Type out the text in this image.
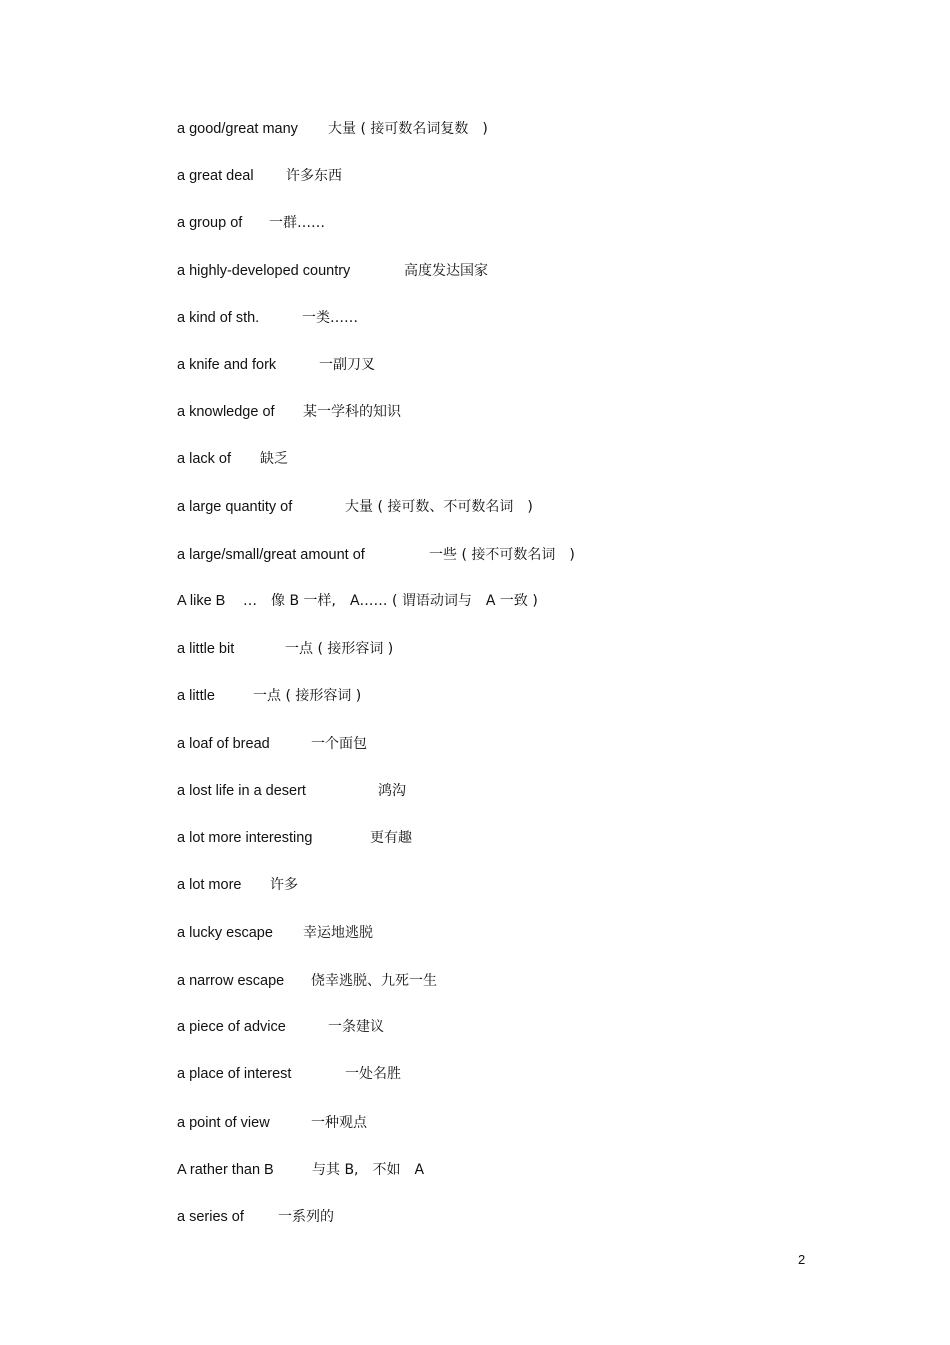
a good/great many 大量 ( 接可数名词复数　)
a great deal 许多东西
a group of 一群……
a highly-developed country	高度发达国家
a kind of sth.	一类……
a knife and fork	一副刀叉
a knowledge of 某一学科的知识
a lack of 缺乏
a large quantity of	大量 ( 接可数、不可数名词　)
a large/small/great amount of	一些 ( 接不可数名词　)
A like B …　像 B 一样,　A…… ( 谓语动词与　A 一致 )
a little bit	一点 ( 接形容词 )
a little	一点 ( 接形容词 )
a loaf of bread	一个面包
a lost life in a desert	鸿沟
a lot more interesting	更有趣
a lot more 许多
a lucky escape 幸运地逃脱
a narrow escape 侥幸逃脱、九死一生
a piece of advice	一条建议
a place of interest	一处名胜
a point of view	一种观点
A rather than B	与其 B,　不如　A
a series of 一系列的
2
